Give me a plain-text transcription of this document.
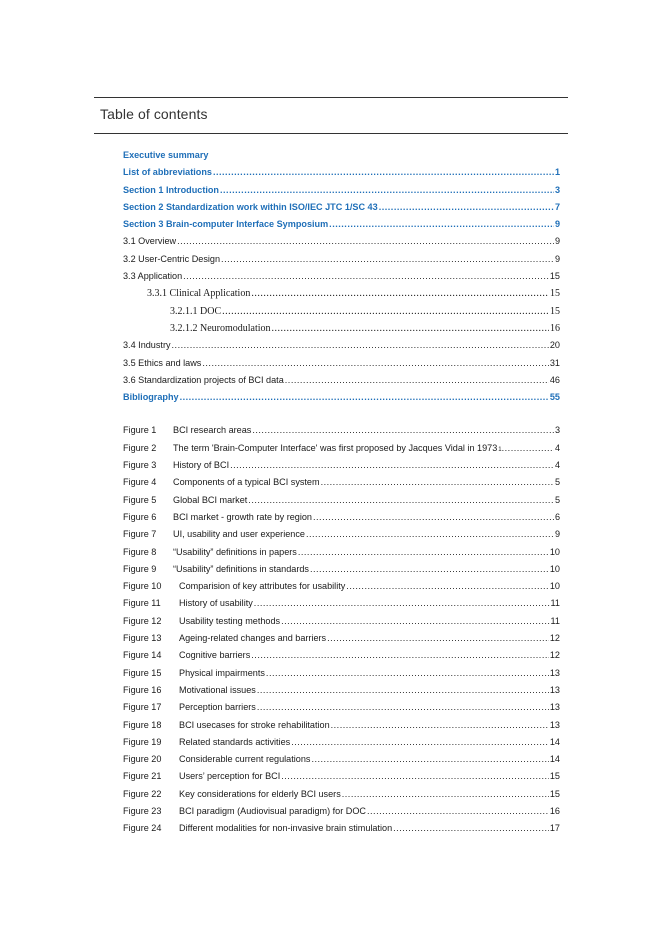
Table of contents
Executive summary
List of abbreviations .....	1
Section 1 Introduction .....	3
Section 2 Standardization work within ISO/IEC JTC 1/SC 43 .....	7
Section 3 Brain-computer Interface Symposium .....	9
3.1 Overview .....	9
3.2 User-Centric Design .....	9
3.3 Application .....	15
3.3.1 Clinical Application .....	15
3.2.1.1 DOC .....	15
3.2.1.2 Neuromodulation .....	16
3.4 Industry .....	20
3.5 Ethics and laws .....	31
3.6 Standardization projects of BCI data .....	46
Bibliography .....	55
Figure 1	BCI research areas .....	3
Figure 2	The term 'Brain-Computer Interface' was first proposed by Jacques Vidal in $1973_1$ .....	4
Figure 3	History of BCI .....	4
Figure 4	Components of a typical BCI system .....	5
Figure 5	Global BCI market .....	5
Figure 6	BCI market - growth rate by region .....	6
Figure 7	UI, usability and user experience .....	9
Figure 8	“Usability” definitions in papers .....	10
Figure 9	“Usability” definitions in standards .....	10
Figure 10	Comparision of key attributes for usability .....	10
Figure 11	History of usability .....	11
Figure 12	Usability testing methods .....	11
Figure 13	Ageing-related changes and barriers .....	12
Figure 14	Cognitive barriers .....	12
Figure 15	Physical impairments .....	13
Figure 16	Motivational issues .....	13
Figure 17	Perception barriers .....	13
Figure 18	BCI usecases for stroke rehabilitation .....	13
Figure 19	Related standards activities .....	14
Figure 20	Considerable current regulations .....	14
Figure 21	Users’ perception for BCI .....	15
Figure 22	Key considerations for elderly BCI users .....	15
Figure 23	BCI paradigm (Audiovisual paradigm) for DOC .....	16
Figure 24	Different modalities for non-invasive brain stimulation .....	17
